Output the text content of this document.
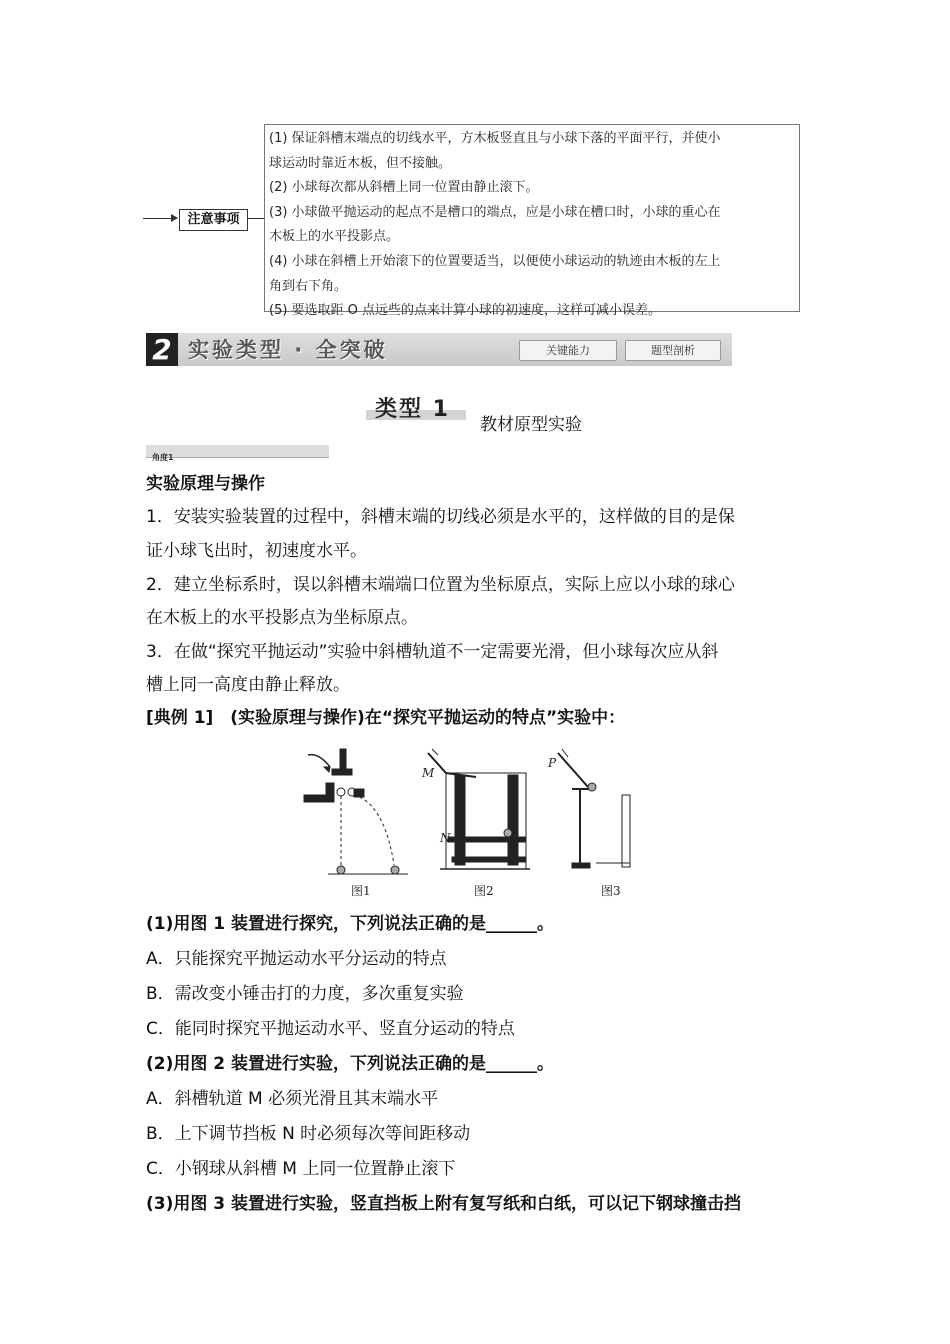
注意事项
(1) 保证斜槽末端点的切线水平，方木板竖直且与小球下落的平面平行，并使小
球运动时靠近木板，但不接触。
(2) 小球每次都从斜槽上同一位置由静止滚下。
(3) 小球做平抛运动的起点不是槽口的端点，应是小球在槽口时，小球的重心在
木板上的水平投影点。
(4) 小球在斜槽上开始滚下的位置要适当，以便使小球运动的轨迹由木板的左上
角到右下角。
(5) 要选取距 O 点远些的点来计算小球的初速度，这样可减小误差。
2 实验类型 · 全突破	关键能力	题型剖析
类型 1
教材原型实验
角度1
实验原理与操作
1．安装实验装置的过程中，斜槽末端的切线必须是水平的，这样做的目的是保
证小球飞出时，初速度水平。
2．建立坐标系时，误以斜槽末端端口位置为坐标原点，实际上应以小球的球心
在木板上的水平投影点为坐标原点。
3．在做“探究平抛运动”实验中斜槽轨道不一定需要光滑，但小球每次应从斜
槽上同一高度由静止释放。
[典例 1]　(实验原理与操作)在“探究平抛运动的特点”实验中：
图1
M
N
图2
P
图3
(1)用图 1 装置进行探究，下列说法正确的是______。
A．只能探究平抛运动水平分运动的特点
B．需改变小锤击打的力度，多次重复实验
C．能同时探究平抛运动水平、竖直分运动的特点
(2)用图 2 装置进行实验，下列说法正确的是______。
A．斜槽轨道 M 必须光滑且其末端水平
B．上下调节挡板 N 时必须每次等间距移动
C．小钢球从斜槽 M 上同一位置静止滚下
(3)用图 3 装置进行实验，竖直挡板上附有复写纸和白纸，可以记下钢球撞击挡
